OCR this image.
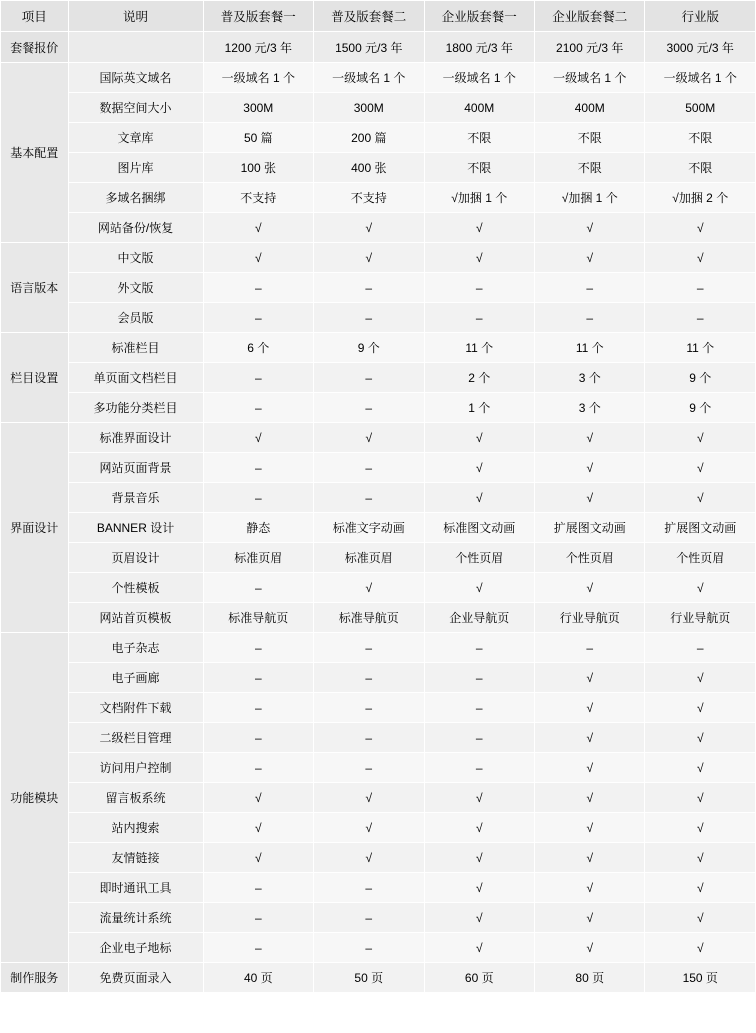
项目	说明	普及版套餐一	普及版套餐二	企业版套餐一	企业版套餐二	行业版
套餐报价		1200 元/3 年	1500 元/3 年	1800 元/3 年	2100 元/3 年	3000 元/3 年
基本配置	国际英文域名	一级域名 1 个	一级域名 1 个	一级域名 1 个	一级域名 1 个	一级域名 1 个
	数据空间大小	300M	300M	400M	400M	500M
	文章库	50 篇	200 篇	不限	不限	不限
	图片库	100 张	400 张	不限	不限	不限
	多域名捆绑	不支持	不支持	√加捆 1 个	√加捆 1 个	√加捆 2 个
	网站备份/恢复	√	√	√	√	√
语言版本	中文版	√	√	√	√	√
	外文版	–	–	–	–	–
	会员版	–	–	–	–	–
栏目设置	标准栏目	6 个	9 个	11 个	11 个	11 个
	单页面文档栏目	–	–	2 个	3 个	9 个
	多功能分类栏目	–	–	1 个	3 个	9 个
界面设计	标准界面设计	√	√	√	√	√
	网站页面背景	–	–	√	√	√
	背景音乐	–	–	√	√	√
	BANNER 设计	静态	标准文字动画	标准图文动画	扩展图文动画	扩展图文动画
	页眉设计	标准页眉	标准页眉	个性页眉	个性页眉	个性页眉
	个性模板	–	√	√	√	√
	网站首页模板	标准导航页	标准导航页	企业导航页	行业导航页	行业导航页
功能模块	电子杂志	–	–	–	–	–
	电子画廊	–	–	–	√	√
	文档附件下载	–	–	–	√	√
	二级栏目管理	–	–	–	√	√
	访问用户控制	–	–	–	√	√
	留言板系统	√	√	√	√	√
	站内搜索	√	√	√	√	√
	友情链接	√	√	√	√	√
	即时通讯工具	–	–	√	√	√
	流量统计系统	–	–	√	√	√
	企业电子地标	–	–	√	√	√
制作服务	免费页面录入	40 页	50 页	60 页	80 页	150 页
